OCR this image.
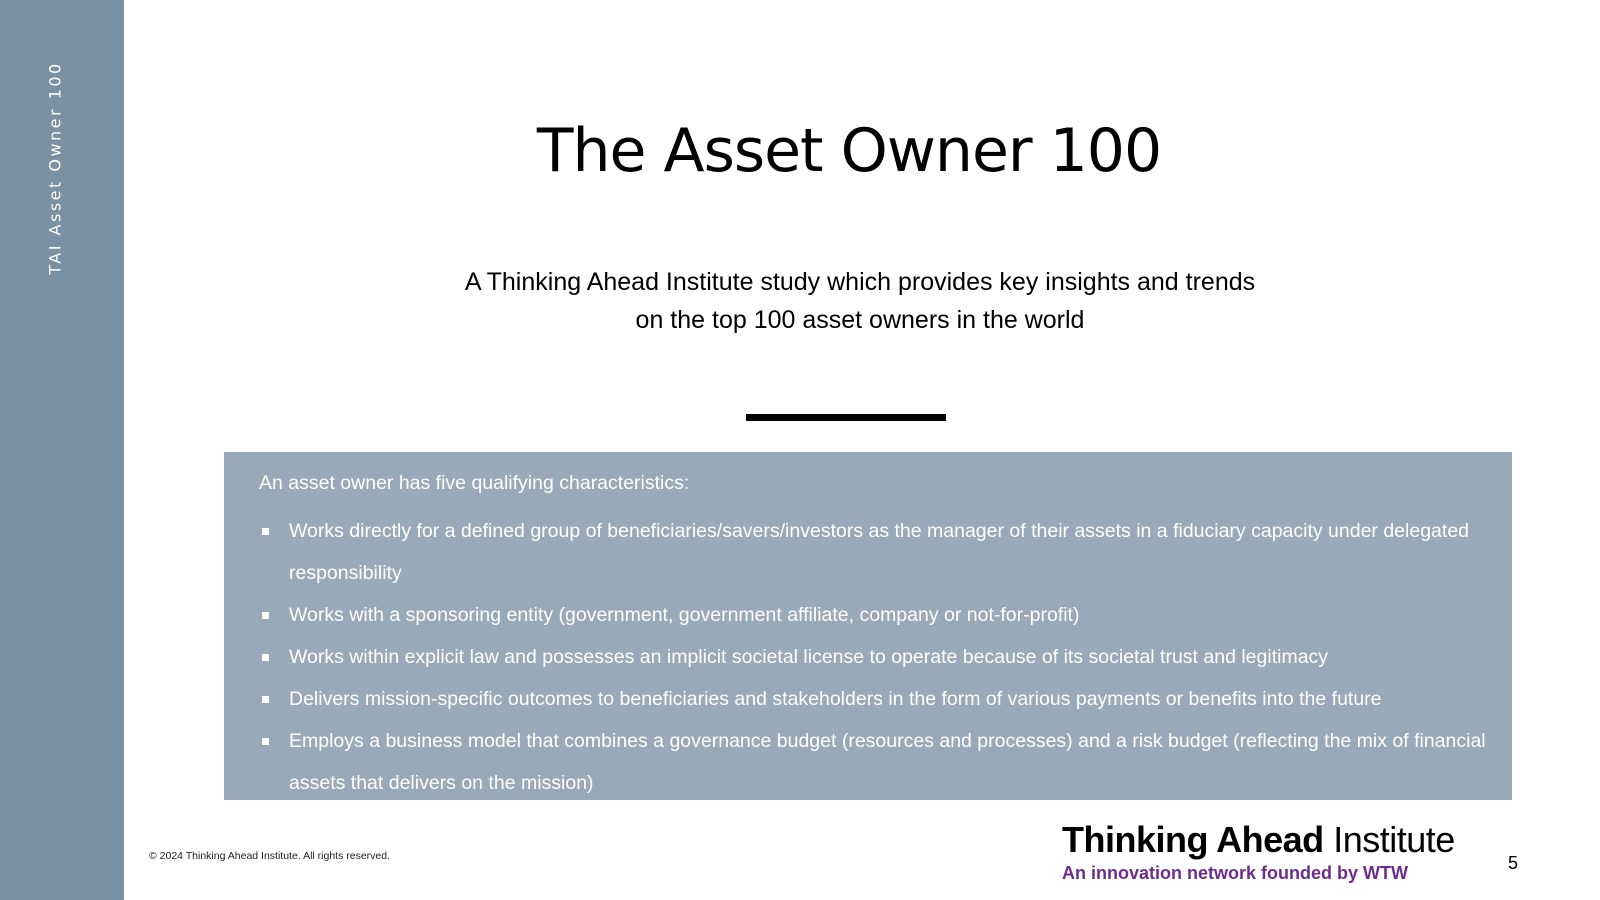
TAI Asset Owner 100	The Asset Owner 100
A Thinking Ahead Institute study which provides key insights and trends
on the top 100 asset owners in the world
An asset owner has five qualifying characteristics:
Works directly for a defined group of beneficiaries/savers/investors as the manager of their assets in a fiduciary capacity under delegated responsibility
Works with a sponsoring entity (government, government affiliate, company or not-for-profit)
Works within explicit law and possesses an implicit societal license to operate because of its societal trust and legitimacy
Delivers mission-specific outcomes to beneficiaries and stakeholders in the form of various payments or benefits into the future
Employs a business model that combines a governance budget (resources and processes) and a risk budget (reflecting the mix of financial assets that delivers on the mission)
© 2024 Thinking Ahead Institute. All rights reserved.	Thinking Ahead Institute
An innovation network founded by WTW	5
